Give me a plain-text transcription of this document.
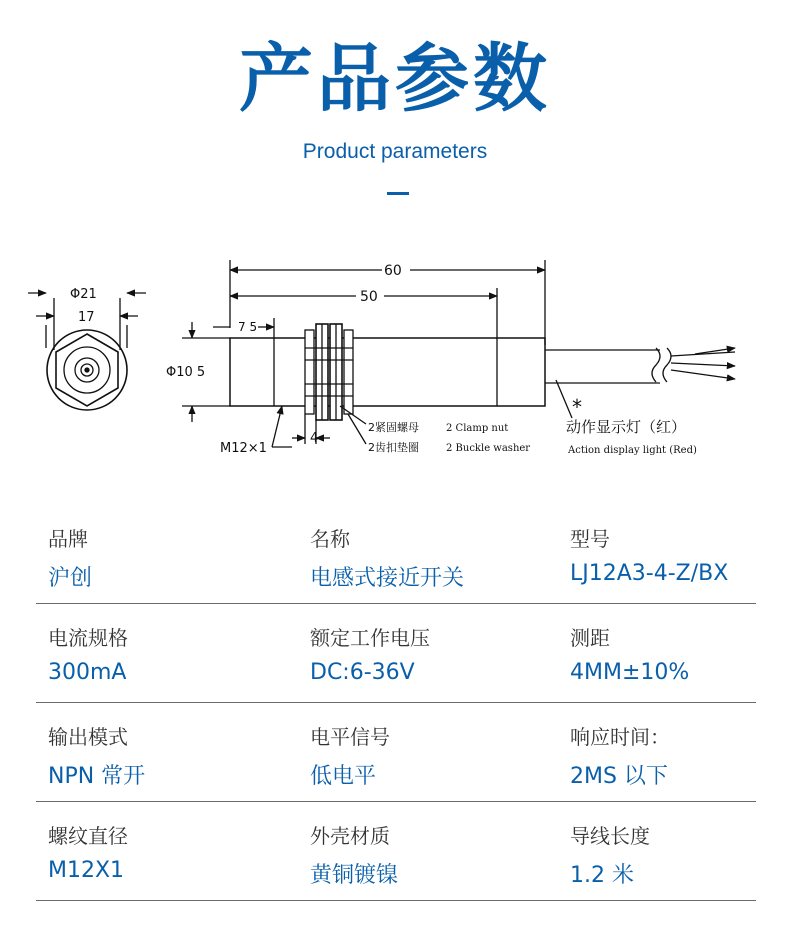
产品参数
Product parameters
Φ21
17
60
50
7 5
Φ10 5
M12×1
4
*
2紧固螺母	2 Clamp nut
2齿扣垫圈	2 Buckle washer
动作显示灯（红）
Action display light (Red)
品牌
沪创
名称
电感式接近开关
型号
LJ12A3-4-Z/BX
电流规格
300mA
额定工作电压
DC:6-36V
测距
4MM±10%
输出模式
NPN 常开
电平信号
低电平
响应时间：
2MS 以下
螺纹直径
M12X1
外壳材质
黄铜镀镍
导线长度
1.2 米
